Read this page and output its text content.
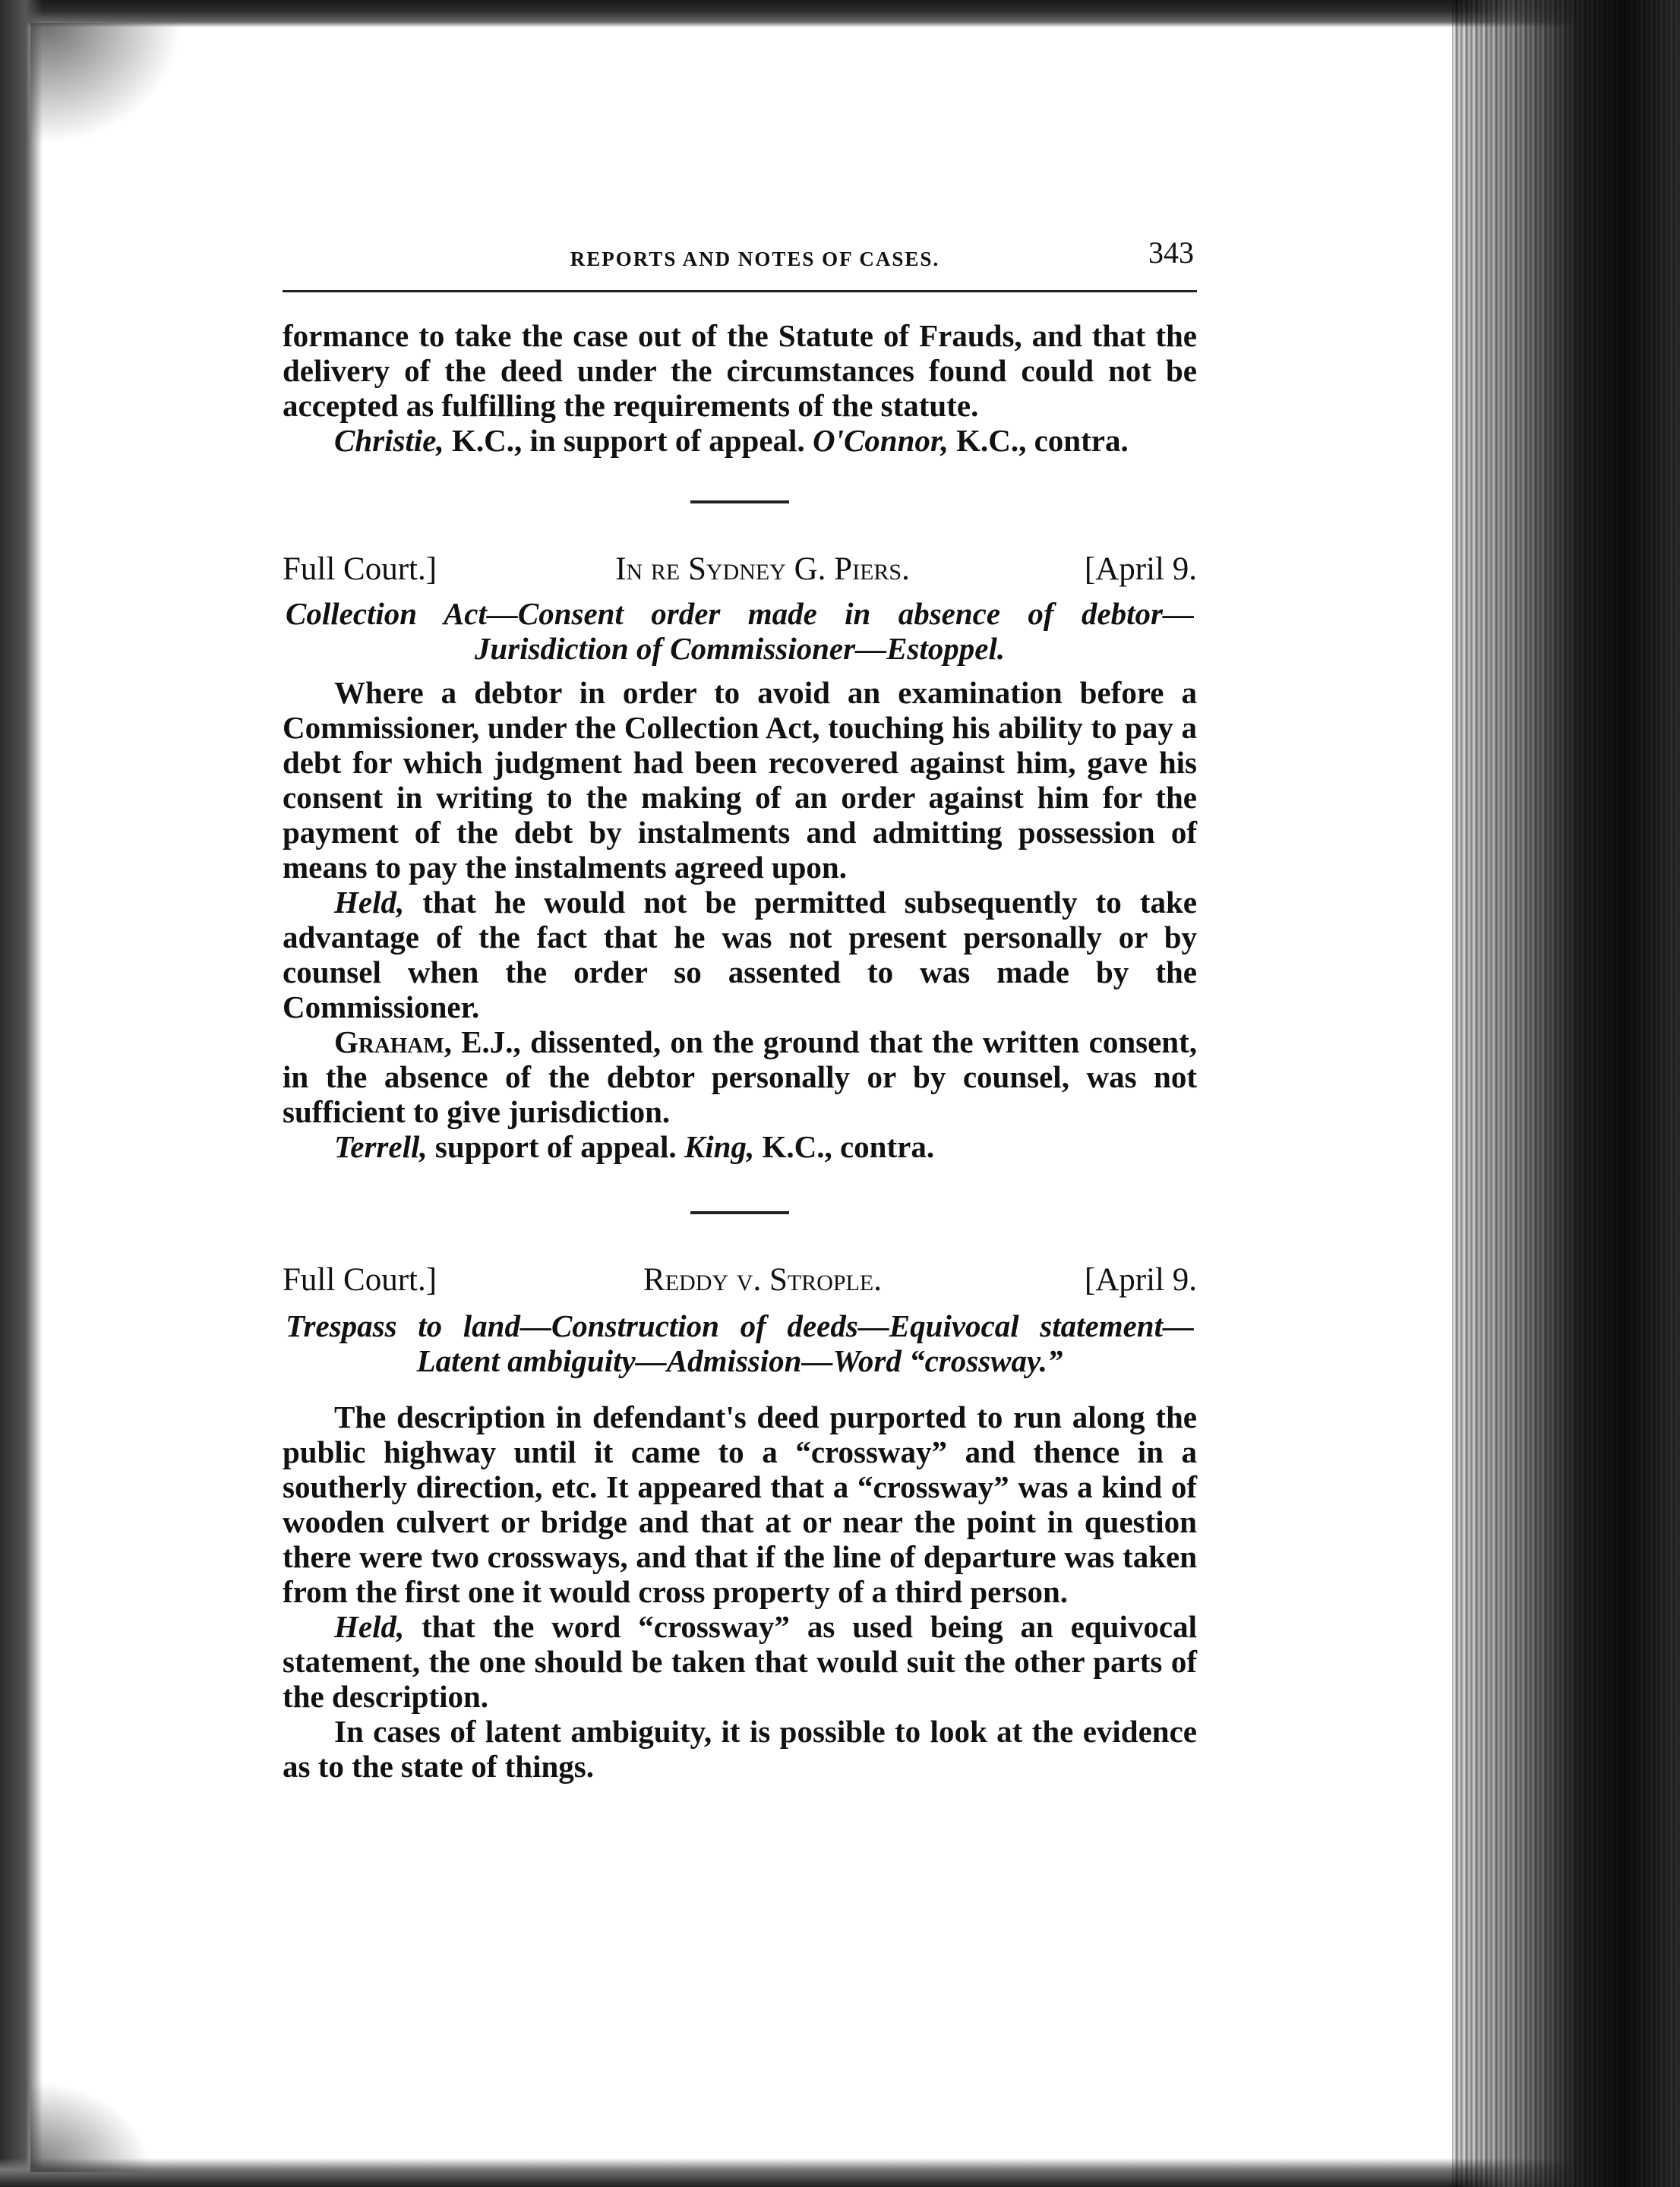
REPORTS AND NOTES OF CASES.	343

formance to take the case out of the Statute of Frauds, and that the delivery of the deed under the circumstances found could not be accepted as fulfilling the requirements of the statute.

Christie, K.C., in support of appeal. O'Connor, K.C., contra.

Full Court.]	In re Sydney G. Piers.	[April 9.

Collection Act—Consent order made in absence of debtor—Jurisdiction of Commissioner—Estoppel.

Where a debtor in order to avoid an examination before a Commissioner, under the Collection Act, touching his ability to pay a debt for which judgment had been recovered against him, gave his consent in writing to the making of an order against him for the payment of the debt by instalments and admitting possession of means to pay the instalments agreed upon.

Held, that he would not be permitted subsequently to take advantage of the fact that he was not present personally or by counsel when the order so assented to was made by the Commissioner.

Graham, E.J., dissented, on the ground that the written consent, in the absence of the debtor personally or by counsel, was not sufficient to give jurisdiction.

Terrell, support of appeal. King, K.C., contra.

Full Court.]	Reddy v. Strople.	[April 9.

Trespass to land—Construction of deeds—Equivocal statement—Latent ambiguity—Admission—Word “crossway.”

The description in defendant's deed purported to run along the public highway until it came to a “crossway” and thence in a southerly direction, etc. It appeared that a “crossway” was a kind of wooden culvert or bridge and that at or near the point in question there were two crossways, and that if the line of departure was taken from the first one it would cross property of a third person.

Held, that the word “crossway” as used being an equivocal statement, the one should be taken that would suit the other parts of the description.

In cases of latent ambiguity, it is possible to look at the evidence as to the state of things.
